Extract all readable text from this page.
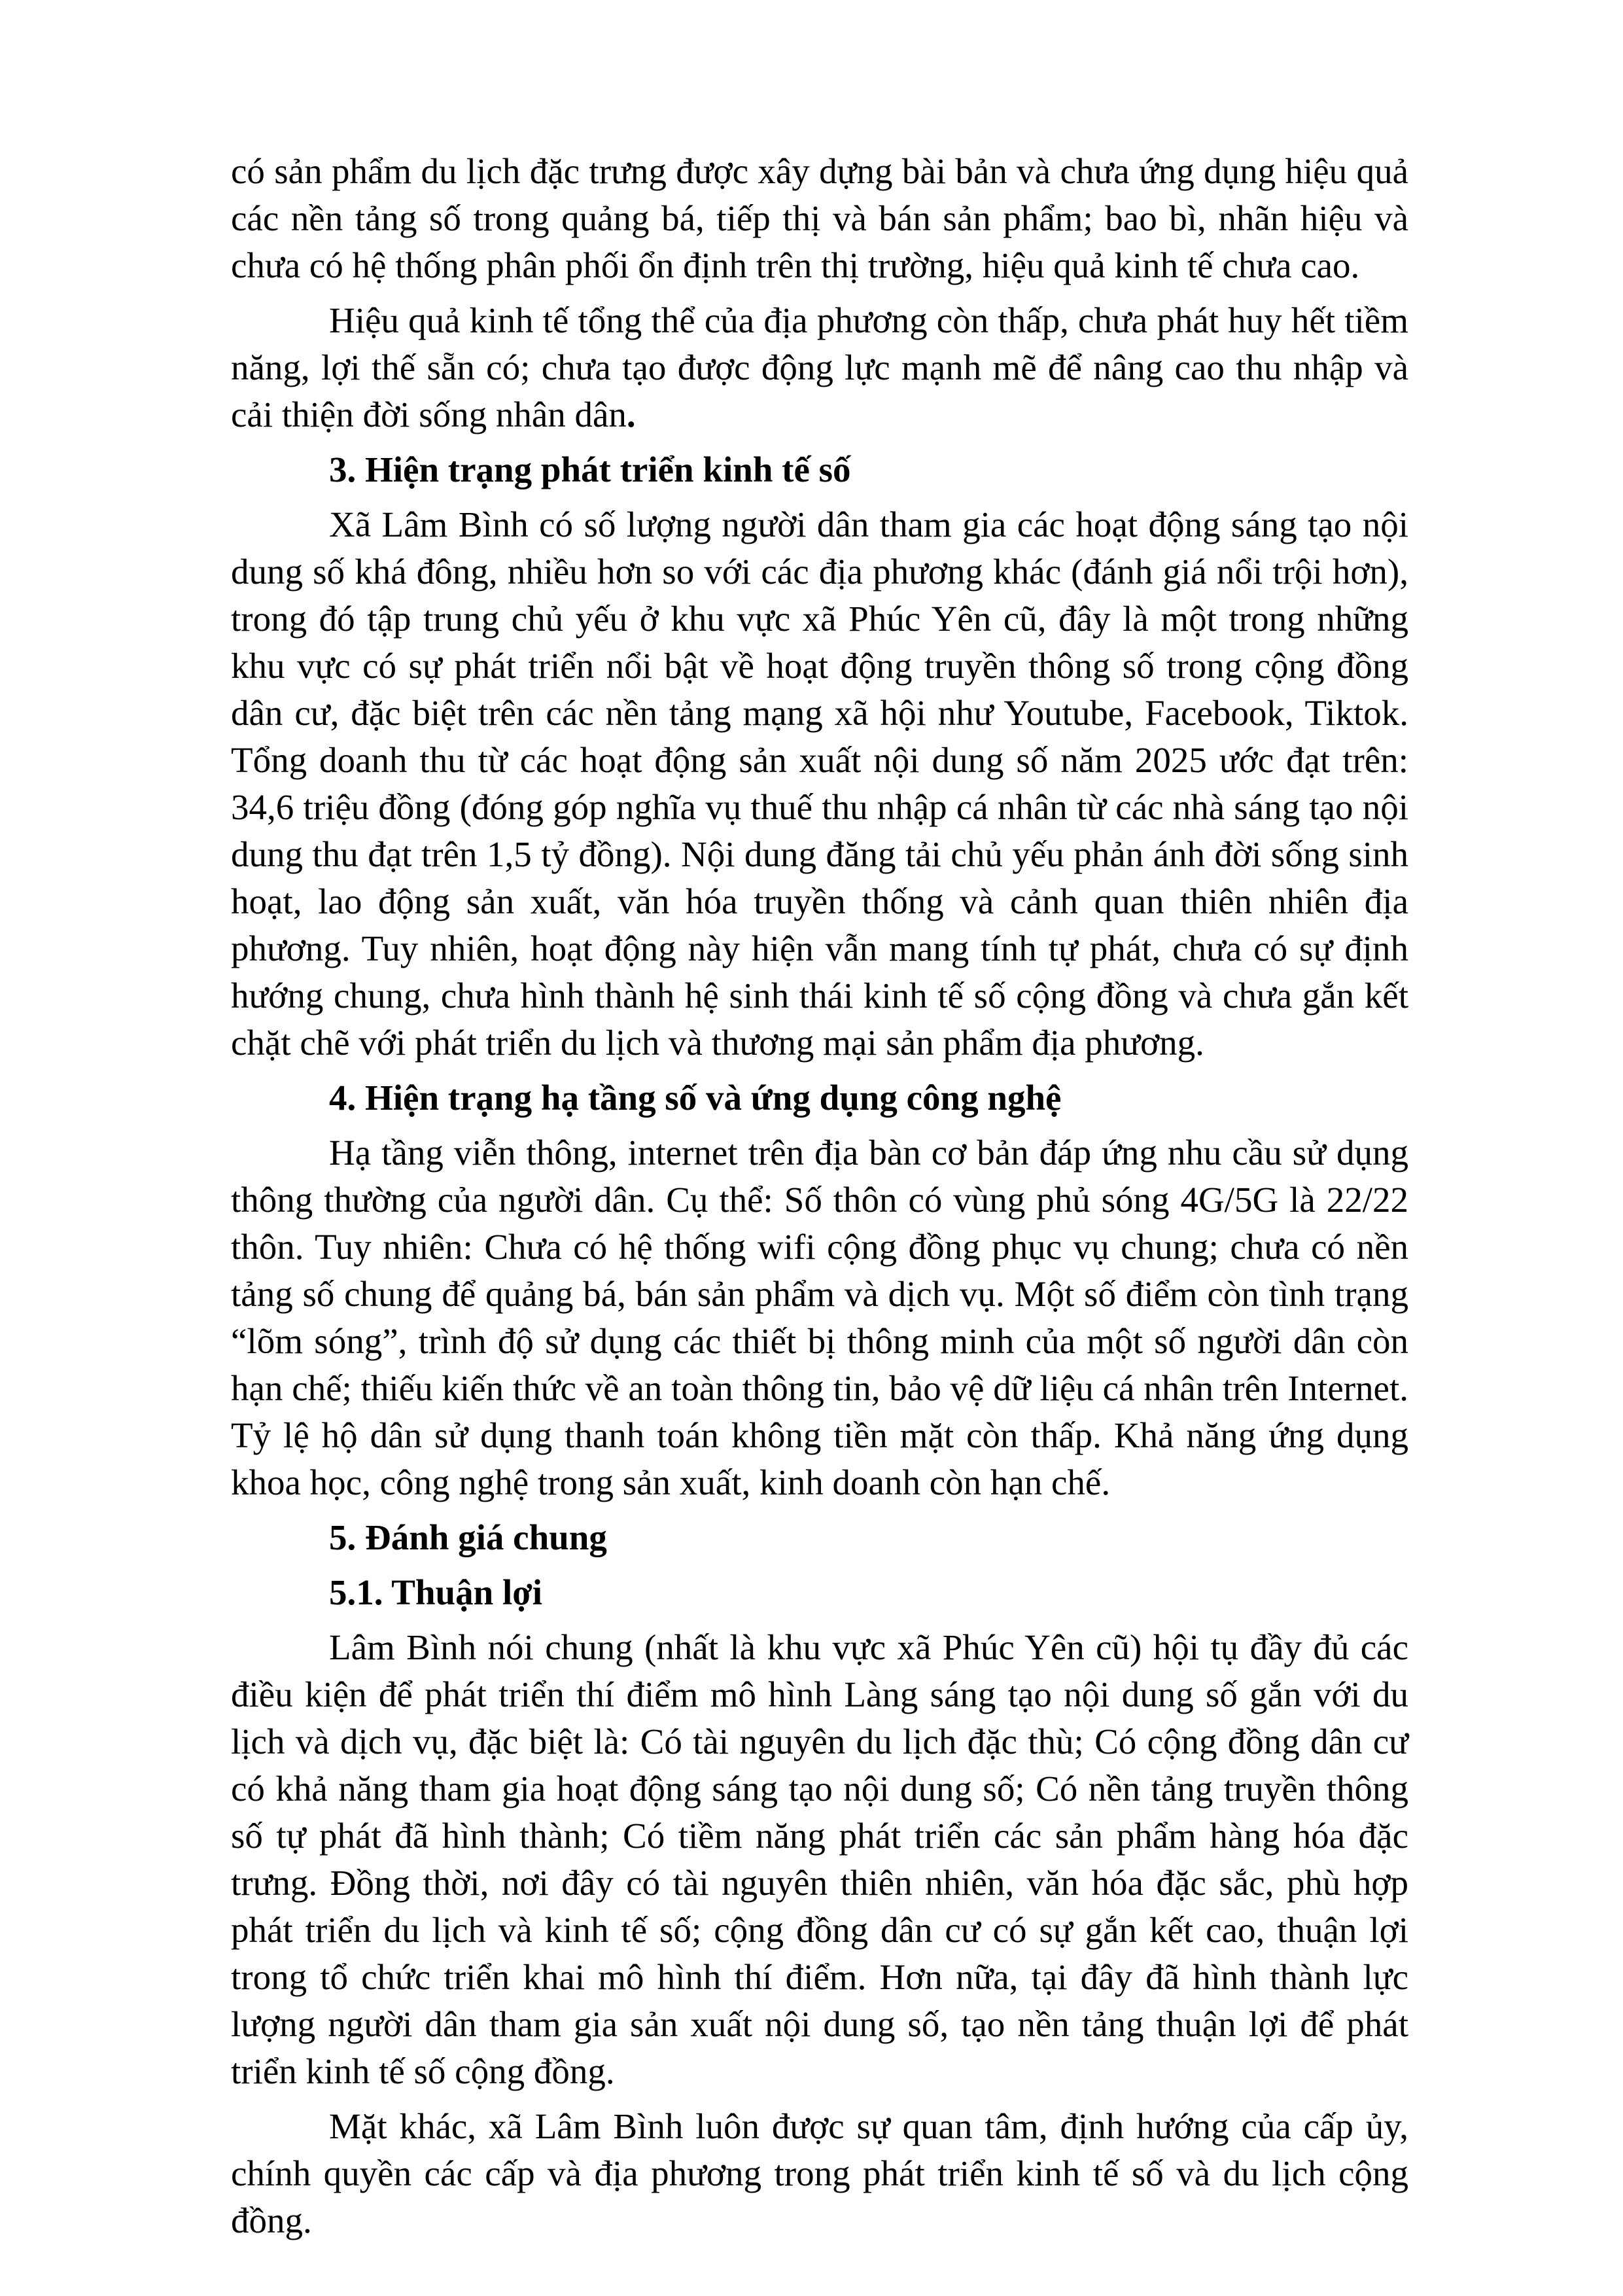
có sản phẩm du lịch đặc trưng được xây dựng bài bản và chưa ứng dụng hiệu quả các nền tảng số trong quảng bá, tiếp thị và bán sản phẩm; bao bì, nhãn hiệu và chưa có hệ thống phân phối ổn định trên thị trường, hiệu quả kinh tế chưa cao.

Hiệu quả kinh tế tổng thể của địa phương còn thấp, chưa phát huy hết tiềm năng, lợi thế sẵn có; chưa tạo được động lực mạnh mẽ để nâng cao thu nhập và cải thiện đời sống nhân dân.

3. Hiện trạng phát triển kinh tế số

Xã Lâm Bình có số lượng người dân tham gia các hoạt động sáng tạo nội dung số khá đông, nhiều hơn so với các địa phương khác (đánh giá nổi trội hơn), trong đó tập trung chủ yếu ở khu vực xã Phúc Yên cũ, đây là một trong những khu vực có sự phát triển nổi bật về hoạt động truyền thông số trong cộng đồng dân cư, đặc biệt trên các nền tảng mạng xã hội như Youtube, Facebook, Tiktok. Tổng doanh thu từ các hoạt động sản xuất nội dung số năm 2025 ước đạt trên: 34,6 triệu đồng (đóng góp nghĩa vụ thuế thu nhập cá nhân từ các nhà sáng tạo nội dung thu đạt trên 1,5 tỷ đồng). Nội dung đăng tải chủ yếu phản ánh đời sống sinh hoạt, lao động sản xuất, văn hóa truyền thống và cảnh quan thiên nhiên địa phương. Tuy nhiên, hoạt động này hiện vẫn mang tính tự phát, chưa có sự định hướng chung, chưa hình thành hệ sinh thái kinh tế số cộng đồng và chưa gắn kết chặt chẽ với phát triển du lịch và thương mại sản phẩm địa phương.

4. Hiện trạng hạ tầng số và ứng dụng công nghệ

Hạ tầng viễn thông, internet trên địa bàn cơ bản đáp ứng nhu cầu sử dụng thông thường của người dân. Cụ thể: Số thôn có vùng phủ sóng 4G/5G là 22/22 thôn. Tuy nhiên: Chưa có hệ thống wifi cộng đồng phục vụ chung; chưa có nền tảng số chung để quảng bá, bán sản phẩm và dịch vụ. Một số điểm còn tình trạng “lõm sóng”, trình độ sử dụng các thiết bị thông minh của một số người dân còn hạn chế; thiếu kiến thức về an toàn thông tin, bảo vệ dữ liệu cá nhân trên Internet. Tỷ lệ hộ dân sử dụng thanh toán không tiền mặt còn thấp. Khả năng ứng dụng khoa học, công nghệ trong sản xuất, kinh doanh còn hạn chế.

5. Đánh giá chung

5.1. Thuận lợi

Lâm Bình nói chung (nhất là khu vực xã Phúc Yên cũ) hội tụ đầy đủ các điều kiện để phát triển thí điểm mô hình Làng sáng tạo nội dung số gắn với du lịch và dịch vụ, đặc biệt là: Có tài nguyên du lịch đặc thù; Có cộng đồng dân cư có khả năng tham gia hoạt động sáng tạo nội dung số; Có nền tảng truyền thông số tự phát đã hình thành; Có tiềm năng phát triển các sản phẩm hàng hóa đặc trưng. Đồng thời, nơi đây có tài nguyên thiên nhiên, văn hóa đặc sắc, phù hợp phát triển du lịch và kinh tế số; cộng đồng dân cư có sự gắn kết cao, thuận lợi trong tổ chức triển khai mô hình thí điểm. Hơn nữa, tại đây đã hình thành lực lượng người dân tham gia sản xuất nội dung số, tạo nền tảng thuận lợi để phát triển kinh tế số cộng đồng.

Mặt khác, xã Lâm Bình luôn được sự quan tâm, định hướng của cấp ủy, chính quyền các cấp và địa phương trong phát triển kinh tế số và du lịch cộng đồng.
